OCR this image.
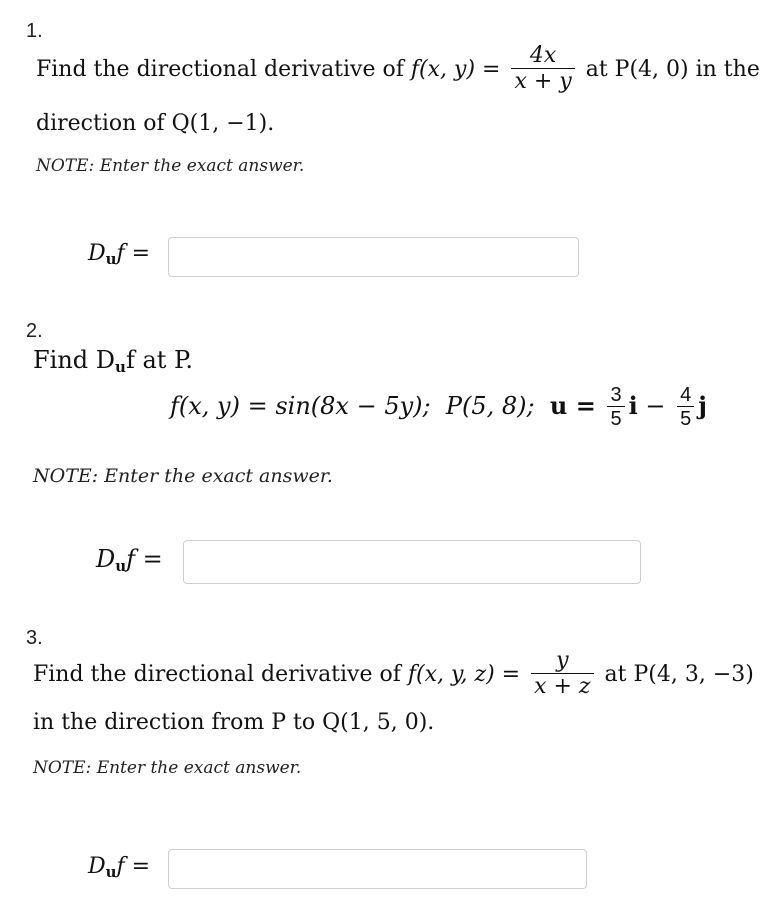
1.
Find the directional derivative of f(x, $y) = \frac{4x}{x + y}$ at P(4, 0) in the
direction of Q(1, −1).
NOTE: Enter the exact answer.
$D_uf$ =
2.
Find $D_uf$ at P.
f(x, y) = sin(8x − 5y); P(5, 8); $u = \frac{3}{5}$ $i - \frac{4}{5}$ j
NOTE: Enter the exact answer.
$D_uf$ =
3.
Find the directional derivative of f(x, y, $z) = \frac{y}{x + z}$ at P(4, 3, −3)
in the direction from P to Q(1, 5, 0).
NOTE: Enter the exact answer.
$D_uf$ =
